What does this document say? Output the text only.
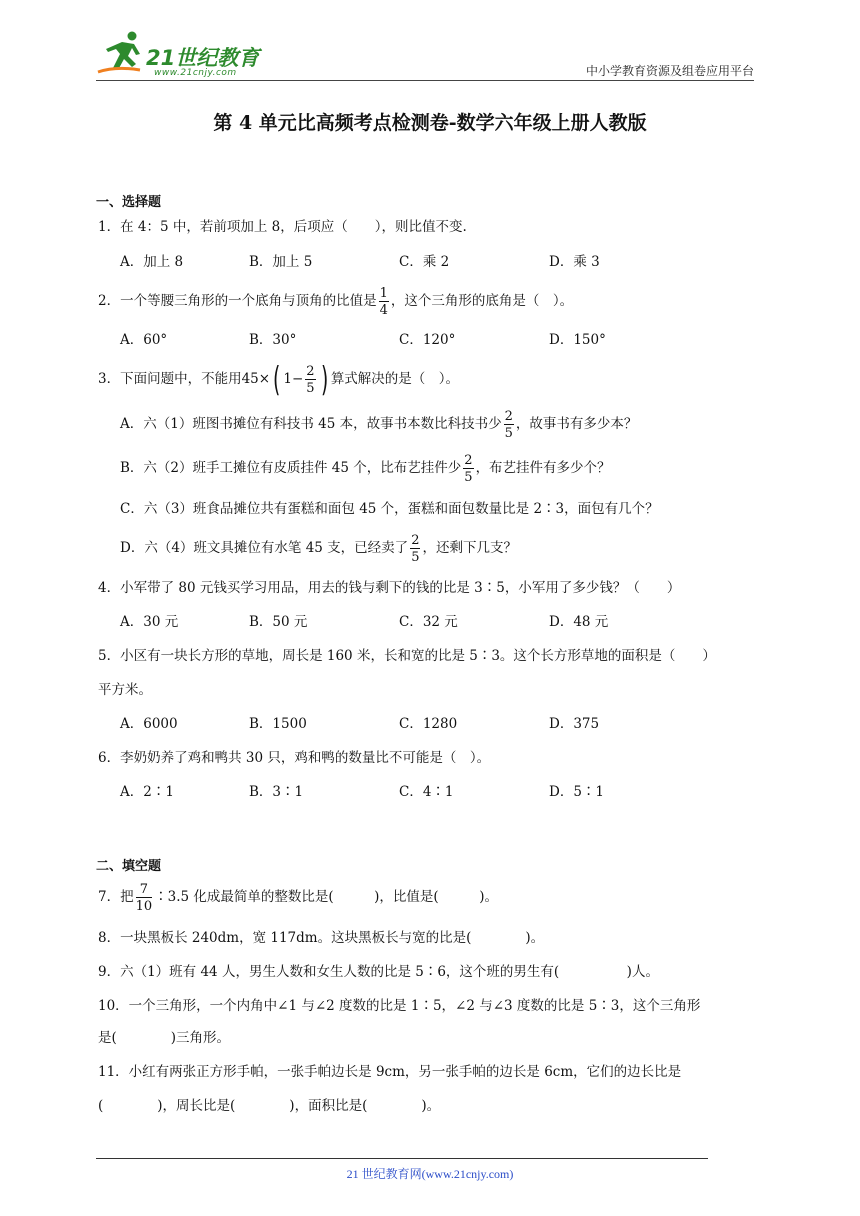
21世纪教育
www.21cnjy.com	中小学教育资源及组卷应用平台
第 4 单元比高频考点检测卷-数学六年级上册人教版
一、选择题
1．在 4：5 中，若前项加上 8，后项应（　　），则比值不变.
A．加上 8	B．加上 5	C．乘 2	D．乘 3
2．一个等腰三角形的一个底角与顶角的比值是 $\frac{1}{4}$ ，这个三角形的底角是（　）。
A．60°	B．30°	C．120°	D．150°
3．下面问题中，不能用45×( $1- \frac{2}{5}$ ) 算式解决的是（　）。
A．六（1）班图书摊位有科技书 45 本，故事书本数比科技书少 $\frac{2}{5}$ ，故事书有多少本？
B．六（2）班手工摊位有皮质挂件 45 个，比布艺挂件少 $\frac{2}{5}$ ，布艺挂件有多少个？
C．六（3）班食品摊位共有蛋糕和面包 45 个，蛋糕和面包数量比是 2∶3，面包有几个？
D．六（4）班文具摊位有水笔 45 支，已经卖了 $\frac{2}{5}$ ，还剩下几支？
4．小军带了 80 元钱买学习用品，用去的钱与剩下的钱的比是 3∶5，小军用了多少钱？（　　）
A．30 元	B．50 元	C．32 元	D．48 元
5．小区有一块长方形的草地，周长是 160 米，长和宽的比是 5∶3。这个长方形草地的面积是（　　）
平方米。
A．6000	B．1500	C．1280	D．375
6．李奶奶养了鸡和鸭共 30 只，鸡和鸭的数量比不可能是（　）。
A．2∶1	B．3∶1	C．4∶1	D．5∶1
二、填空题
7．把 $\frac{7}{10}$ ∶3.5 化成最简单的整数比是(　　　)，比值是(　　　)。
8．一块黑板长 240dm，宽 117dm。这块黑板长与宽的比是(　　　　)。
9．六（1）班有 44 人，男生人数和女生人数的比是 5∶6，这个班的男生有(　　　　　)人。
10．一个三角形，一个内角中∠1 与∠2 度数的比是 1∶5，∠2 与∠3 度数的比是 5∶3，这个三角形
是(　　　　)三角形。
11．小红有两张正方形手帕，一张手帕边长是 9cm，另一张手帕的边长是 6cm，它们的边长比是
(　　　　)，周长比是(　　　　)，面积比是(　　　　)。
21 世纪教育网(www.21cnjy.com)
